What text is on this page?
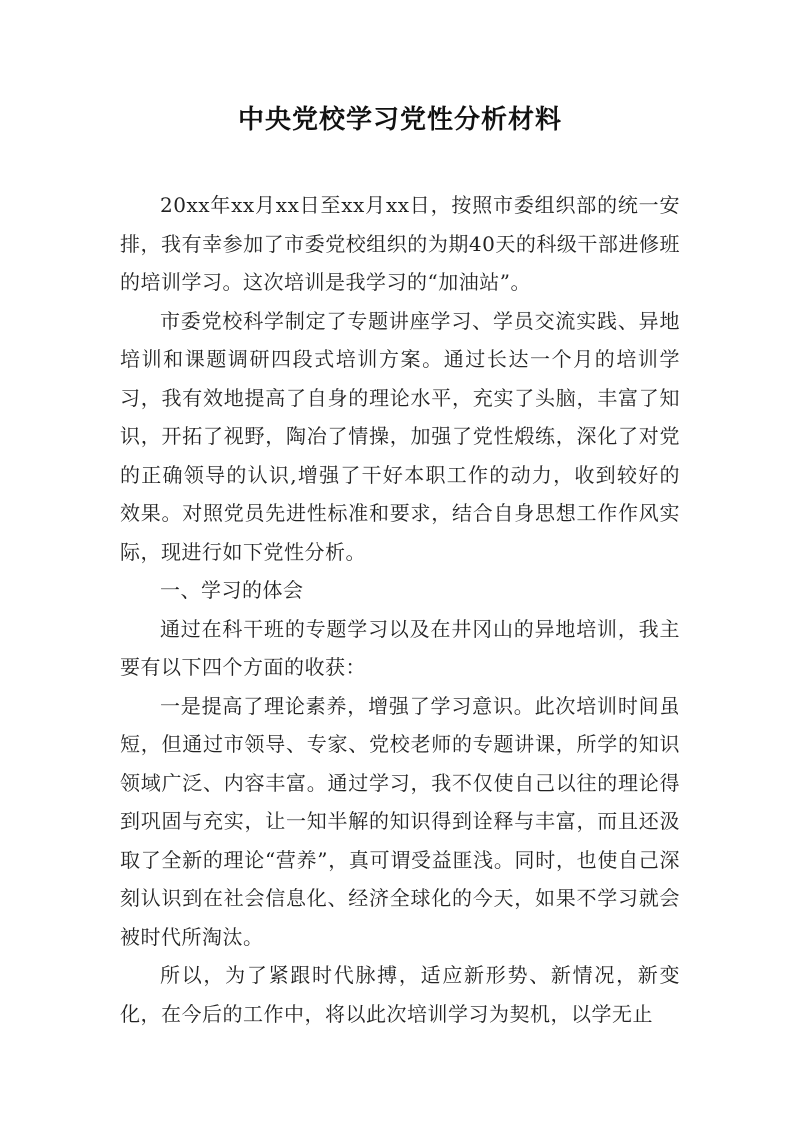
中央党校学习党性分析材料

20xx年xx月xx日至xx月xx日，按照市委组织部的统一安排，我有幸参加了市委党校组织的为期40天的科级干部进修班的培训学习。这次培训是我学习的“加油站”。

市委党校科学制定了专题讲座学习、学员交流实践、异地培训和课题调研四段式培训方案。通过长达一个月的培训学习，我有效地提高了自身的理论水平，充实了头脑，丰富了知识，开拓了视野，陶冶了情操，加强了党性煅练，深化了对党的正确领导的认识,增强了干好本职工作的动力，收到较好的效果。对照党员先进性标准和要求，结合自身思想工作作风实际，现进行如下党性分析。

一、学习的体会

通过在科干班的专题学习以及在井冈山的异地培训，我主要有以下四个方面的收获：

一是提高了理论素养，增强了学习意识。此次培训时间虽短，但通过市领导、专家、党校老师的专题讲课，所学的知识领域广泛、内容丰富。通过学习，我不仅使自己以往的理论得到巩固与充实，让一知半解的知识得到诠释与丰富，而且还汲取了全新的理论“营养”，真可谓受益匪浅。同时，也使自己深刻认识到在社会信息化、经济全球化的今天，如果不学习就会被时代所淘汰。

所以，为了紧跟时代脉搏，适应新形势、新情况，新变化，在今后的工作中，将以此次培训学习为契机，以学无止
